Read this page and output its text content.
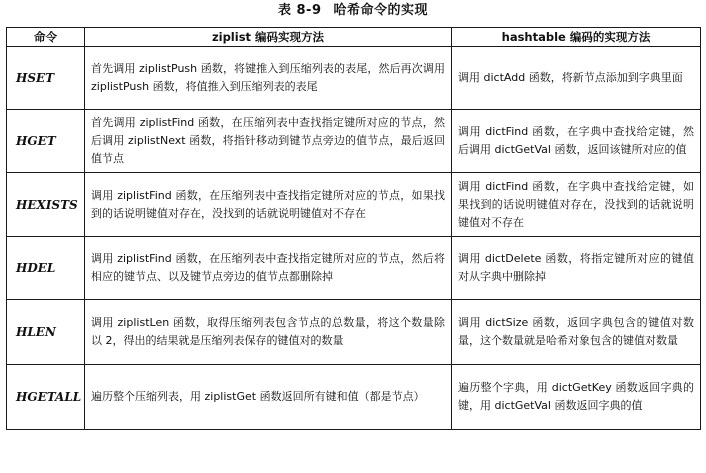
表 8-9 哈希命令的实现
命令	ziplist 编码实现方法	hashtable 编码的实现方法
HSET	首先调用 ziplistPush 函数，将键推入到压缩列表的表尾，然后再次调用 ziplistPush 函数，将值推入到压缩列表的表尾	调用 dictAdd 函数，将新节点添加到字典里面
HGET	首先调用 ziplistFind 函数，在压缩列表中查找指定键所对应的节点，然后调用 ziplistNext 函数，将指针移动到键节点旁边的值节点，最后返回值节点	调用 dictFind 函数，在字典中查找给定键，然后调用 dictGetVal 函数，返回该键所对应的值
HEXISTS	调用 ziplistFind 函数，在压缩列表中查找指定键所对应的节点，如果找到的话说明键值对存在，没找到的话就说明键值对不存在	调用 dictFind 函数，在字典中查找给定键，如果找到的话说明键值对存在，没找到的话就说明键值对不存在
HDEL	调用 ziplistFind 函数，在压缩列表中查找指定键所对应的节点，然后将相应的键节点、以及键节点旁边的值节点都删除掉	调用 dictDelete 函数，将指定键所对应的键值对从字典中删除掉
HLEN	调用 ziplistLen 函数，取得压缩列表包含节点的总数量，将这个数量除以 2，得出的结果就是压缩列表保存的键值对的数量	调用 dictSize 函数，返回字典包含的键值对数量，这个数量就是哈希对象包含的键值对数量
HGETALL	遍历整个压缩列表，用 ziplistGet 函数返回所有键和值（都是节点）	遍历整个字典，用 dictGetKey 函数返回字典的键，用 dictGetVal 函数返回字典的值
